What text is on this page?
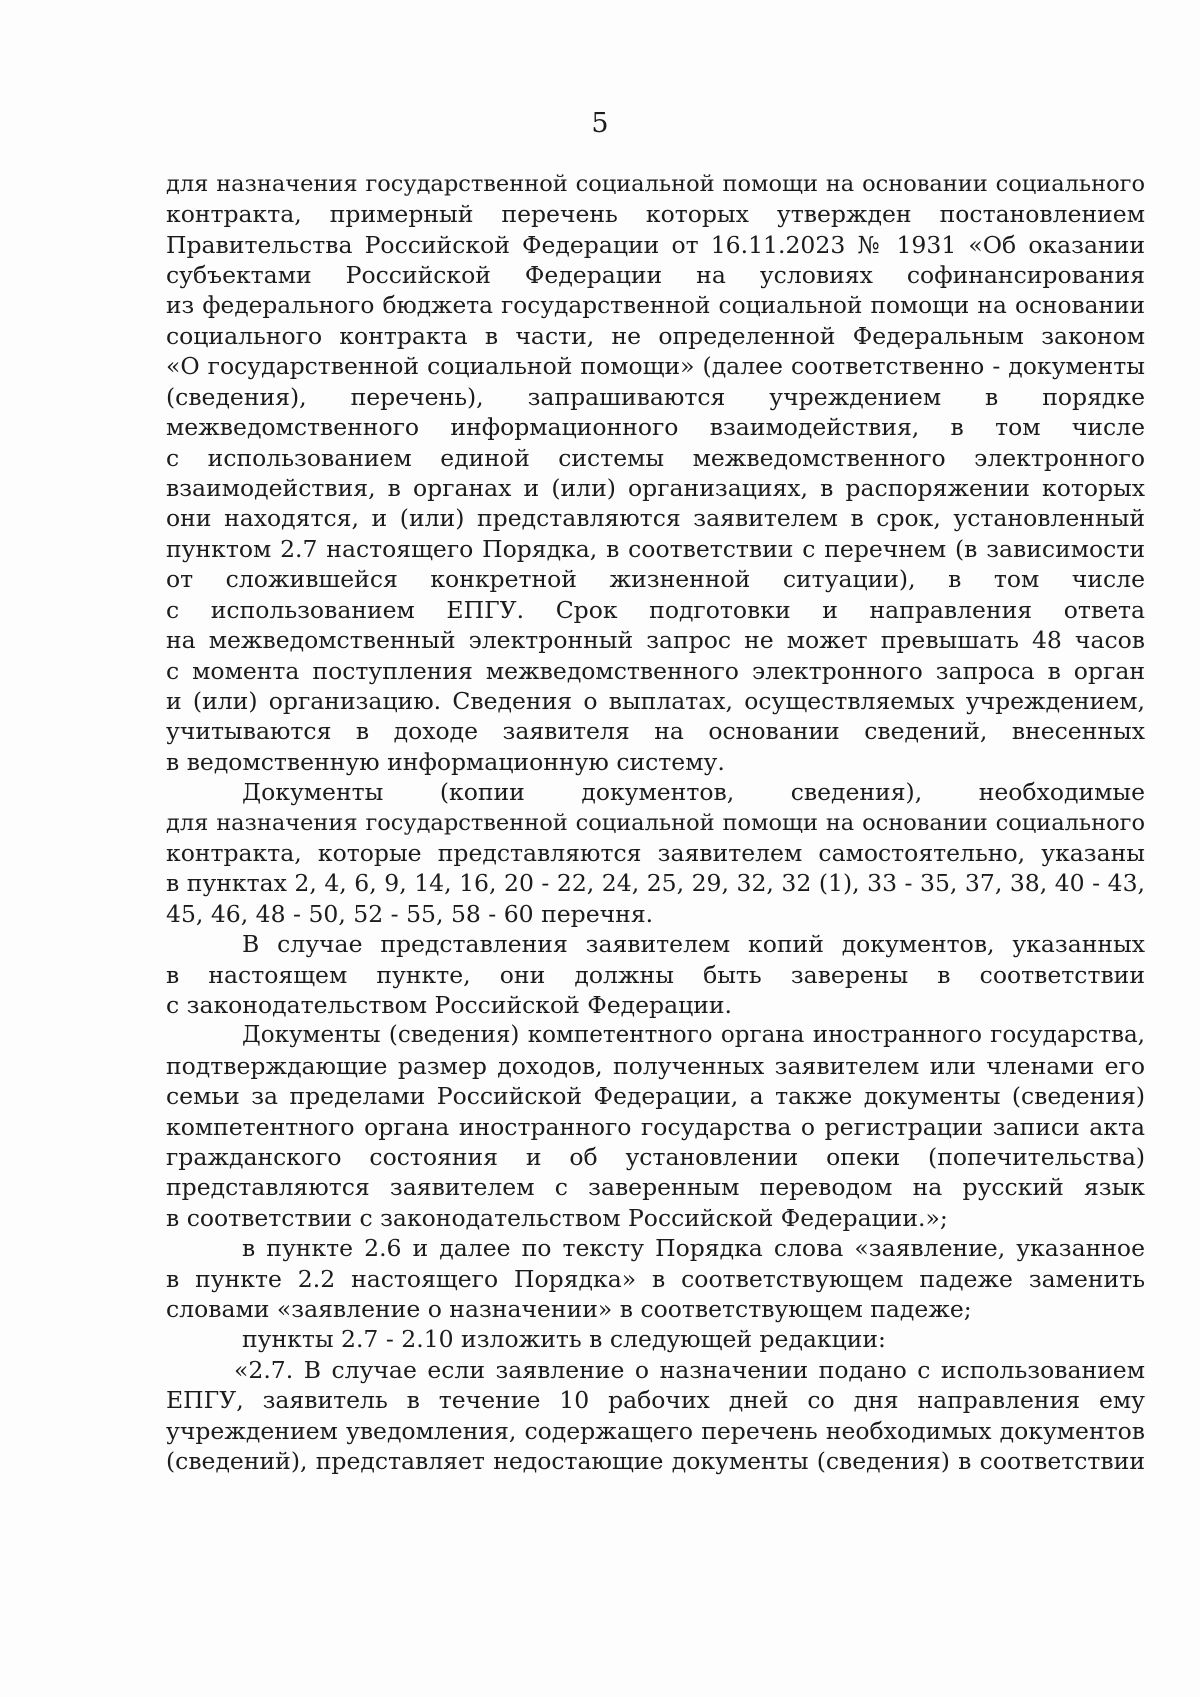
5
для назначения государственной социальной помощи на основании социального
контракта, примерный перечень которых утвержден постановлением
Правительства Российской Федерации от 16.11.2023 № 1931 «Об оказании
субъектами Российской Федерации на условиях софинансирования
из федерального бюджета государственной социальной помощи на основании
социального контракта в части, не определенной Федеральным законом
«О государственной социальной помощи» (далее соответственно - документы
(сведения), перечень), запрашиваются учреждением в порядке
межведомственного информационного взаимодействия, в том числе
с использованием единой системы межведомственного электронного
взаимодействия, в органах и (или) организациях, в распоряжении которых
они находятся, и (или) представляются заявителем в срок, установленный
пунктом 2.7 настоящего Порядка, в соответствии с перечнем (в зависимости
от сложившейся конкретной жизненной ситуации), в том числе
с использованием ЕПГУ. Срок подготовки и направления ответа
на межведомственный электронный запрос не может превышать 48 часов
с момента поступления межведомственного электронного запроса в орган
и (или) организацию. Сведения о выплатах, осуществляемых учреждением,
учитываются в доходе заявителя на основании сведений, внесенных
в ведомственную информационную систему.
Документы (копии документов, сведения), необходимые
для назначения государственной социальной помощи на основании социального
контракта, которые представляются заявителем самостоятельно, указаны
в пунктах 2, 4, 6, 9, 14, 16, 20 - 22, 24, 25, 29, 32, 32 (1), 33 - 35, 37, 38, 40 - 43,
45, 46, 48 - 50, 52 - 55, 58 - 60 перечня.
В случае представления заявителем копий документов, указанных
в настоящем пункте, они должны быть заверены в соответствии
с законодательством Российской Федерации.
Документы (сведения) компетентного органа иностранного государства,
подтверждающие размер доходов, полученных заявителем или членами его
семьи за пределами Российской Федерации, а также документы (сведения)
компетентного органа иностранного государства о регистрации записи акта
гражданского состояния и об установлении опеки (попечительства)
представляются заявителем с заверенным переводом на русский язык
в соответствии с законодательством Российской Федерации.»;
в пункте 2.6 и далее по тексту Порядка слова «заявление, указанное
в пункте 2.2 настоящего Порядка» в соответствующем падеже заменить
словами «заявление о назначении» в соответствующем падеже;
пункты 2.7 - 2.10 изложить в следующей редакции:
«2.7. В случае если заявление о назначении подано с использованием
ЕПГУ, заявитель в течение 10 рабочих дней со дня направления ему
учреждением уведомления, содержащего перечень необходимых документов
(сведений), представляет недостающие документы (сведения) в соответствии
